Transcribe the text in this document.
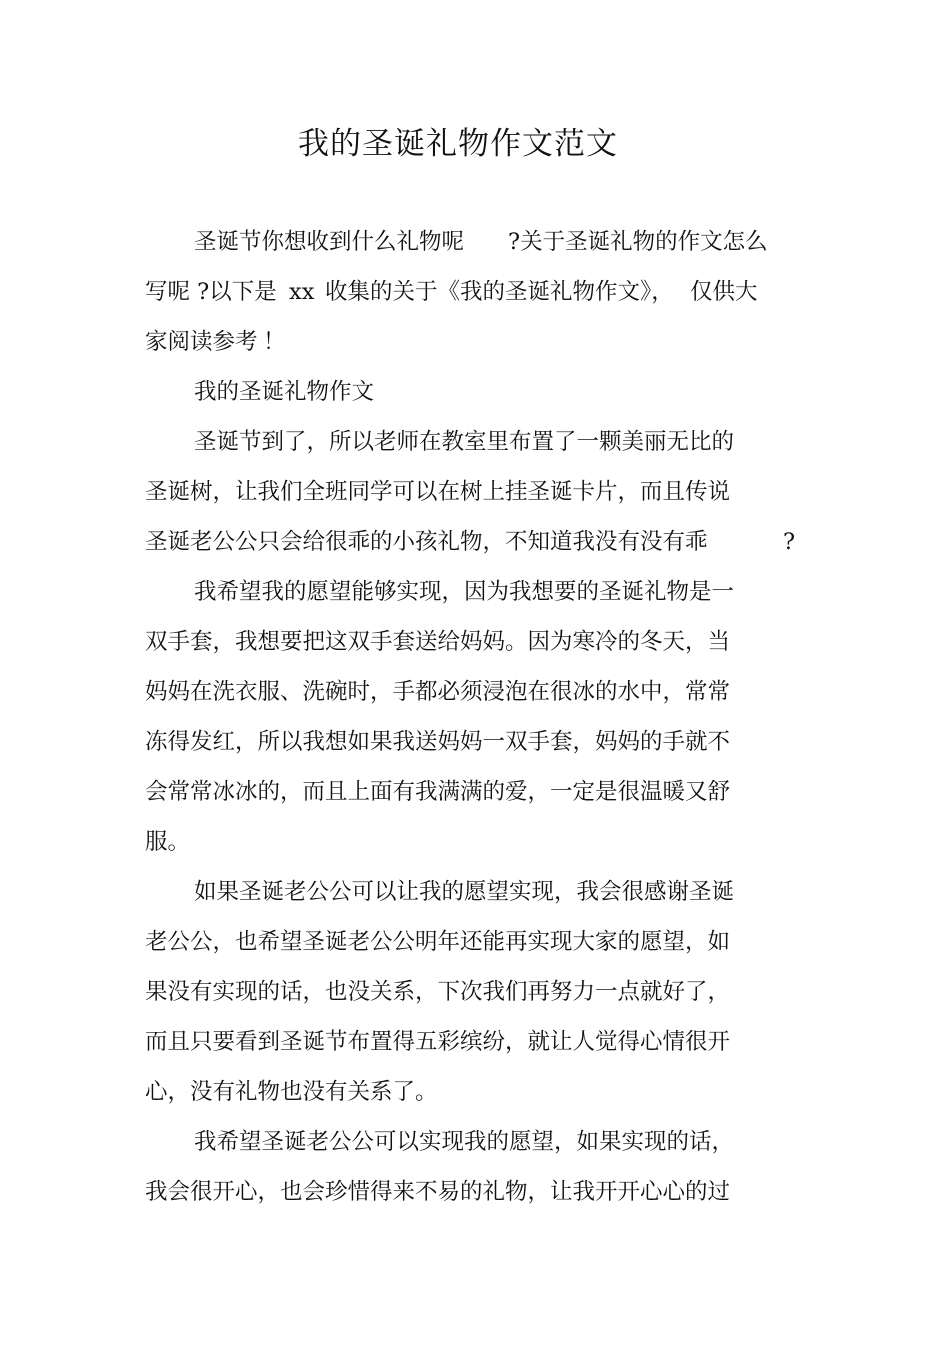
我的圣诞礼物作文范文
圣诞节你想收到什么礼物呢 ?关于圣诞礼物的作文怎么
写呢 ?以下是 xx 收集的关于《我的圣诞礼物作文》， 仅供大
家阅读参考 ！
我的圣诞礼物作文
圣诞节到了，所以老师在教室里布置了一颗美丽无比的
圣诞树，让我们全班同学可以在树上挂圣诞卡片，而且传说
圣诞老公公只会给很乖的小孩礼物，不知道我没有没有乖	?
我希望我的愿望能够实现，因为我想要的圣诞礼物是一
双手套，我想要把这双手套送给妈妈。因为寒冷的冬天，当
妈妈在洗衣服、洗碗时，手都必须浸泡在很冰的水中，常常
冻得发红，所以我想如果我送妈妈一双手套，妈妈的手就不
会常常冰冰的，而且上面有我满满的爱，一定是很温暖又舒
服。
如果圣诞老公公可以让我的愿望实现，我会很感谢圣诞
老公公，也希望圣诞老公公明年还能再实现大家的愿望，如
果没有实现的话，也没关系，下次我们再努力一点就好了，
而且只要看到圣诞节布置得五彩缤纷，就让人觉得心情很开
心，没有礼物也没有关系了。
我希望圣诞老公公可以实现我的愿望，如果实现的话，
我会很开心，也会珍惜得来不易的礼物，让我开开心心的过
